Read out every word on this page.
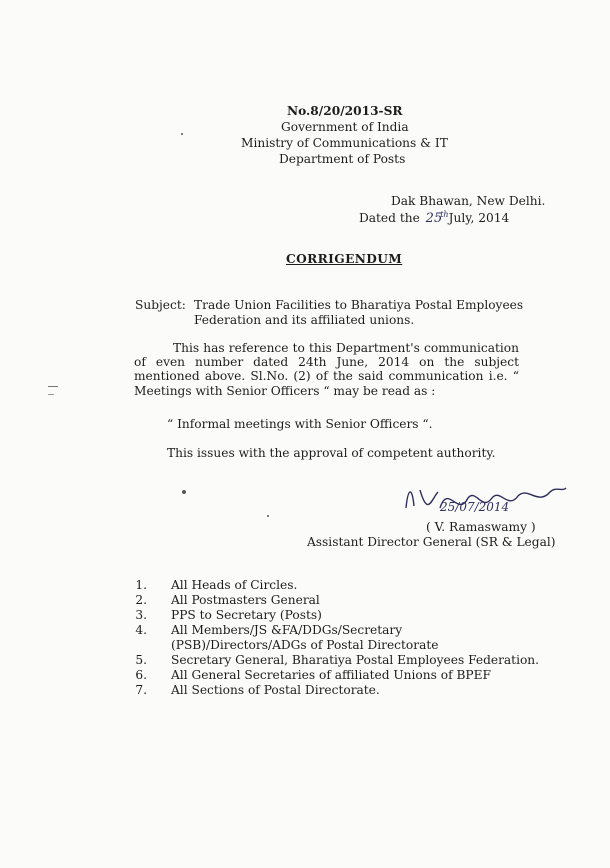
No.8/20/2013-SR
Government of India
Ministry of Communications & IT
Department of Posts
Dak Bhawan, New Delhi.
Dated the 25thJuly, 2014
CORRIGENDUM
Subject: Trade Union Facilities to Bharatiya Postal Employees
Federation and its affiliated unions.
This has reference to this Department's communication of even number dated 24th June, 2014 on the subject mentioned above. Sl.No. (2) of the said communication i.e. “ Meetings with Senior Officers “ may be read as :
“ Informal meetings with Senior Officers “.
This issues with the approval of competent authority.
25/07/2014
( V. Ramaswamy )
Assistant Director General (SR & Legal)
1. All Heads of Circles.
2. All Postmasters General
3. PPS to Secretary (Posts)
4. All Members/JS &FA/DDGs/Secretary
(PSB)/Directors/ADGs of Postal Directorate
5. Secretary General, Bharatiya Postal Employees Federation.
6. All General Secretaries of affiliated Unions of BPEF
7. All Sections of Postal Directorate.
